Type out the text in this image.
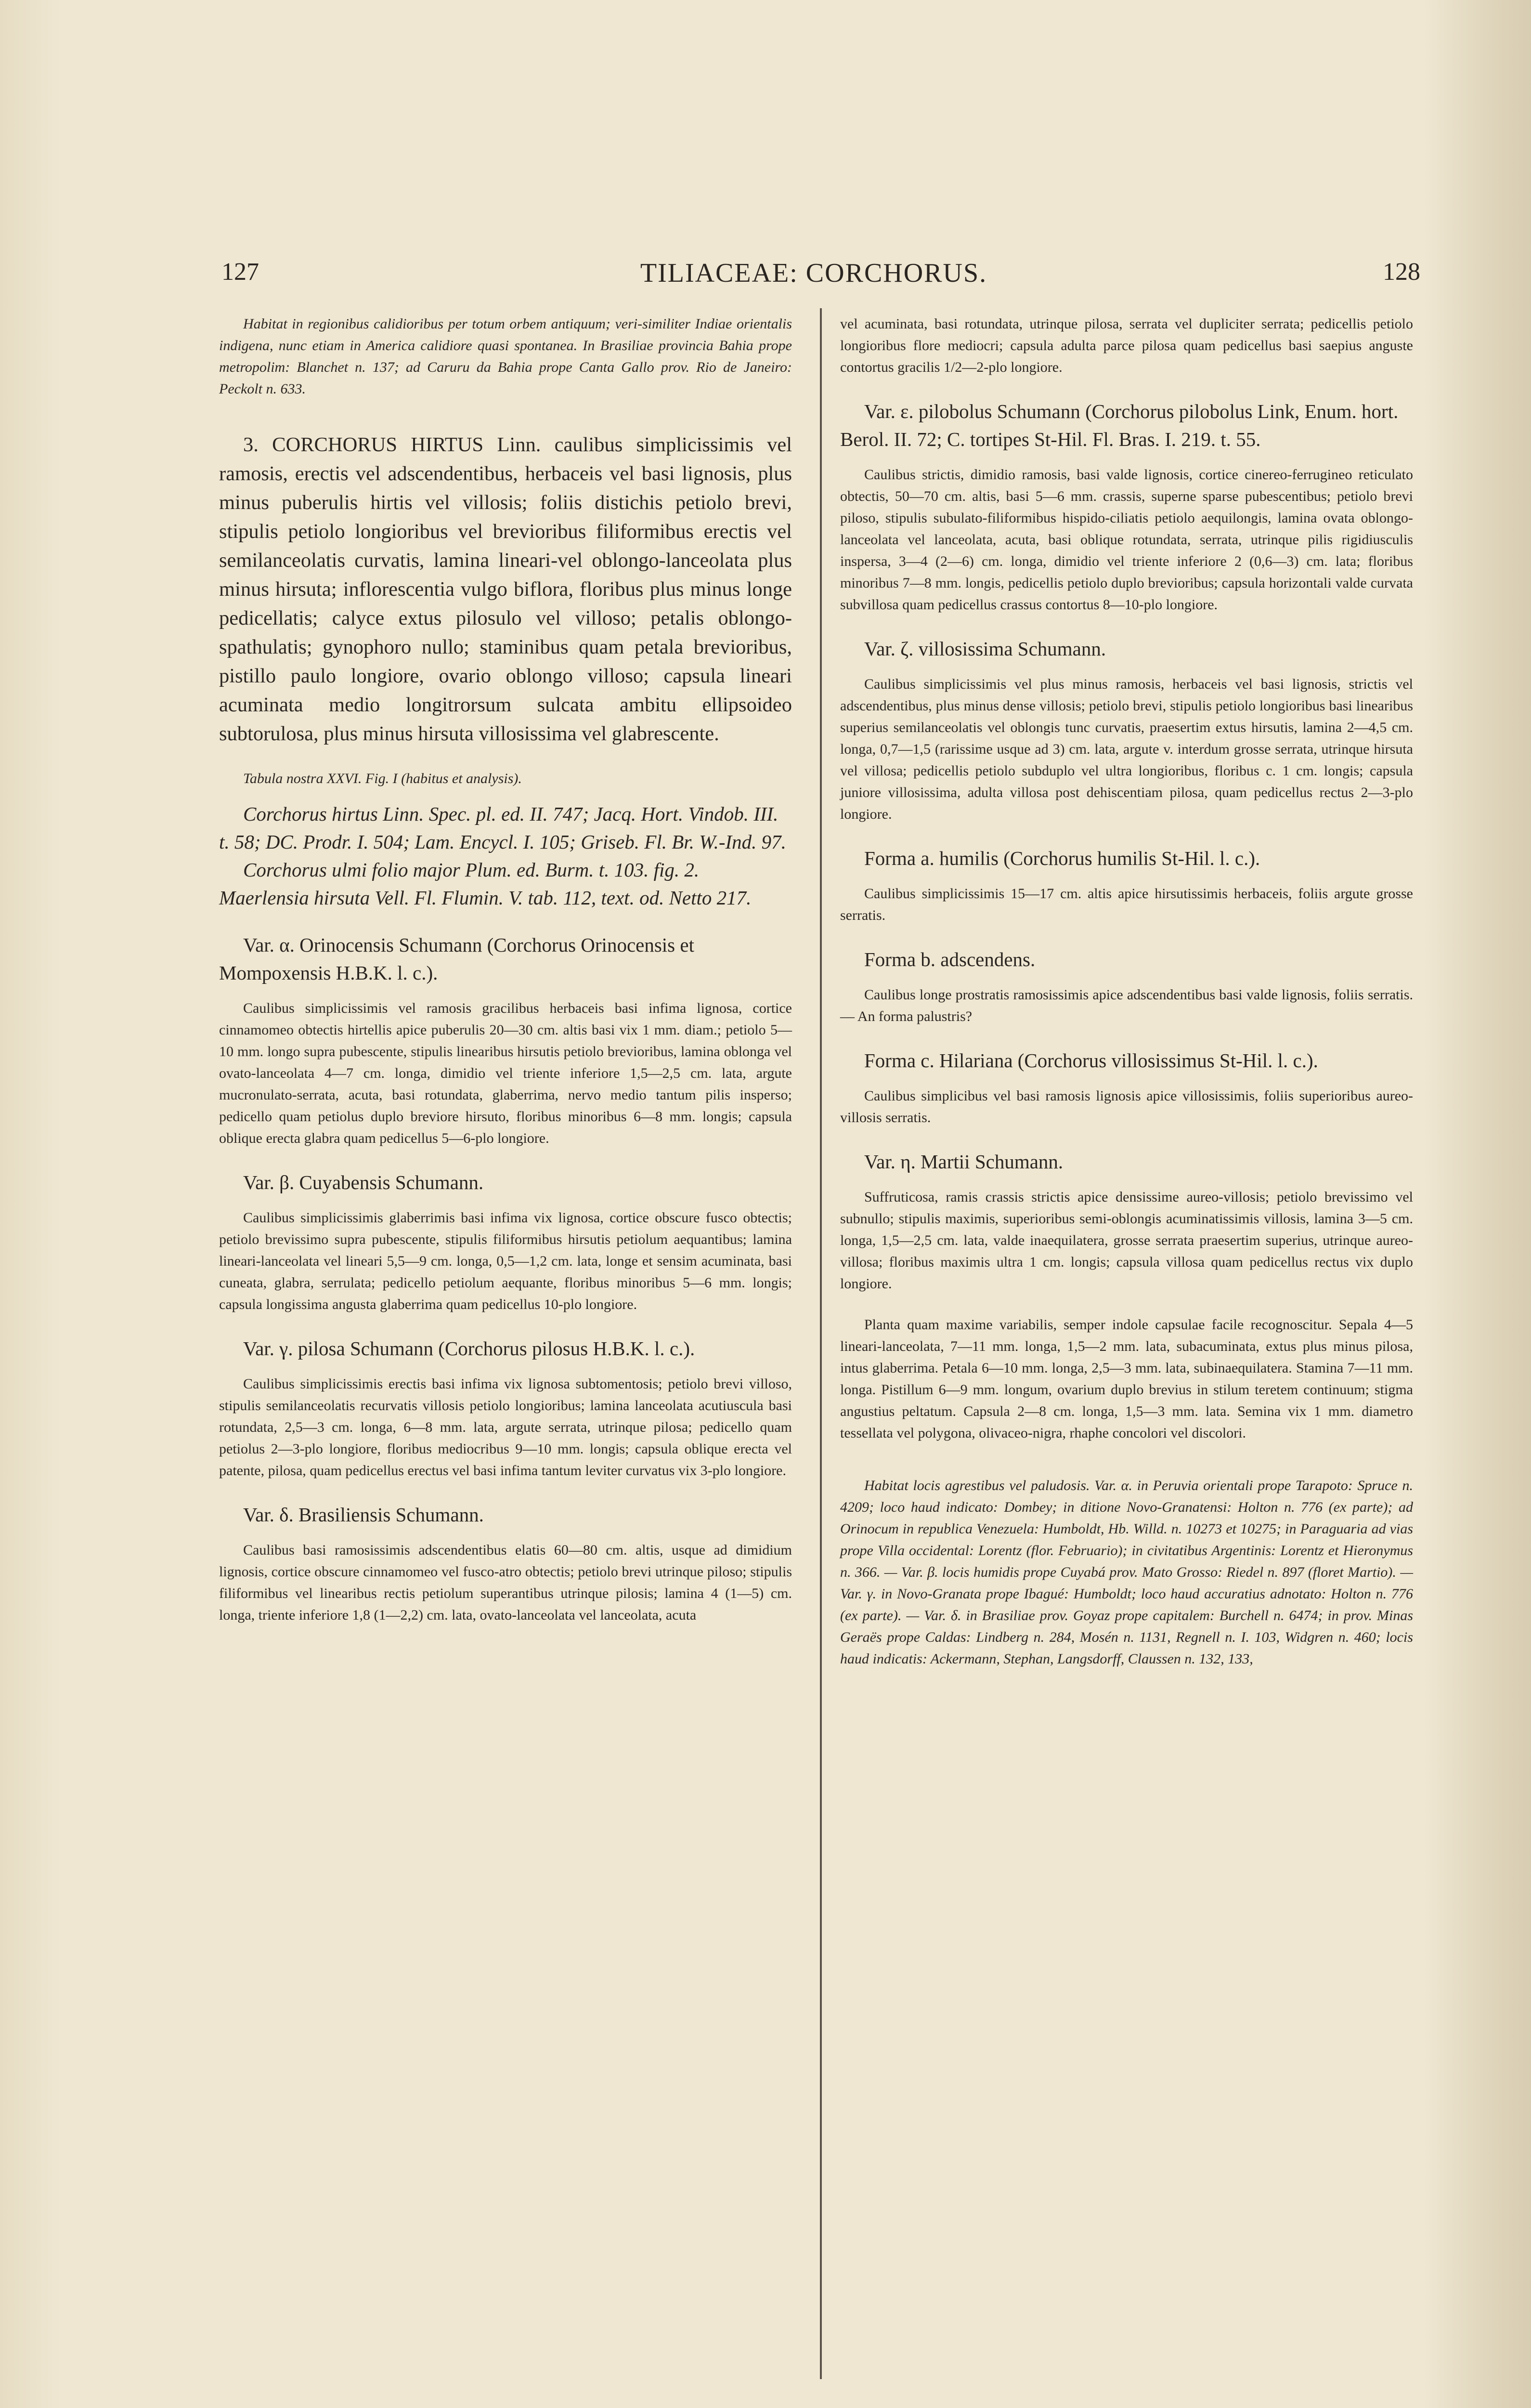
127	TILIACEAE: CORCHORUS.	128

Habitat in regionibus calidioribus per totum orbem antiquum; veri-similiter Indiae orientalis indigena, nunc etiam in America calidiore quasi spontanea. In Brasiliae provincia Bahia prope metropolim: Blanchet n. 137; ad Caruru da Bahia prope Canta Gallo prov. Rio de Janeiro: Peckolt n. 633.

3. CORCHORUS HIRTUS Linn. caulibus simplicissimis vel ramosis, erectis vel adscendentibus, herbaceis vel basi lignosis, plus minus puberulis hirtis vel villosis; foliis distichis petiolo brevi, stipulis petiolo longioribus vel brevioribus filiformibus erectis vel semilanceolatis curvatis, lamina lineari-vel oblongo-lanceolata plus minus hirsuta; inflorescentia vulgo biflora, floribus plus minus longe pedicellatis; calyce extus pilosulo vel villoso; petalis oblongo-spathulatis; gynophoro nullo; staminibus quam petala brevioribus, pistillo paulo longiore, ovario oblongo villoso; capsula lineari acuminata medio longitrorsum sulcata ambitu ellipsoideo subtorulosa, plus minus hirsuta villosissima vel glabrescente.

Tabula nostra XXVI. Fig. I (habitus et analysis).

Corchorus hirtus Linn. Spec. pl. ed. II. 747; Jacq. Hort. Vindob. III. t. 58; DC. Prodr. I. 504; Lam. Encycl. I. 105; Griseb. Fl. Br. W.-Ind. 97.

Corchorus ulmi folio major Plum. ed. Burm. t. 103. fig. 2. Maerlensia hirsuta Vell. Fl. Flumin. V. tab. 112, text. od. Netto 217.

Var. α. Orinocensis Schumann (Corchorus Orinocensis et Mompoxensis H.B.K. l. c.).

Caulibus simplicissimis vel ramosis gracilibus herbaceis basi infima lignosa, cortice cinnamomeo obtectis hirtellis apice puberulis 20—30 cm. altis basi vix 1 mm. diam.; petiolo 5—10 mm. longo supra pubescente, stipulis linearibus hirsutis petiolo brevioribus, lamina oblonga vel ovato-lanceolata 4—7 cm. longa, dimidio vel triente inferiore 1,5—2,5 cm. lata, argute mucronulato-serrata, acuta, basi rotundata, glaberrima, nervo medio tantum pilis insperso; pedicello quam petiolus duplo breviore hirsuto, floribus minoribus 6—8 mm. longis; capsula oblique erecta glabra quam pedicellus 5—6-plo longiore.

Var. β. Cuyabensis Schumann.

Caulibus simplicissimis glaberrimis basi infima vix lignosa, cortice obscure fusco obtectis; petiolo brevissimo supra pubescente, stipulis filiformibus hirsutis petiolum aequantibus; lamina lineari-lanceolata vel lineari 5,5—9 cm. longa, 0,5—1,2 cm. lata, longe et sensim acuminata, basi cuneata, glabra, serrulata; pedicello petiolum aequante, floribus minoribus 5—6 mm. longis; capsula longissima angusta glaberrima quam pedicellus 10-plo longiore.

Var. γ. pilosa Schumann (Corchorus pilosus H.B.K. l. c.).

Caulibus simplicissimis erectis basi infima vix lignosa subtomentosis; petiolo brevi villoso, stipulis semilanceolatis recurvatis villosis petiolo longioribus; lamina lanceolata acutiuscula basi rotundata, 2,5—3 cm. longa, 6—8 mm. lata, argute serrata, utrinque pilosa; pedicello quam petiolus 2—3-plo longiore, floribus mediocribus 9—10 mm. longis; capsula oblique erecta vel patente, pilosa, quam pedicellus erectus vel basi infima tantum leviter curvatus vix 3-plo longiore.

Var. δ. Brasiliensis Schumann.

Caulibus basi ramosissimis adscendentibus elatis 60—80 cm. altis, usque ad dimidium lignosis, cortice obscure cinnamomeo vel fusco-atro obtectis; petiolo brevi utrinque piloso; stipulis filiformibus vel linearibus rectis petiolum superantibus utrinque pilosis; lamina 4 (1—5) cm. longa, triente inferiore 1,8 (1—2,2) cm. lata, ovato-lanceolata vel lanceolata, acuta

vel acuminata, basi rotundata, utrinque pilosa, serrata vel dupliciter serrata; pedicellis petiolo longioribus flore mediocri; capsula adulta parce pilosa quam pedicellus basi saepius anguste contortus gracilis 1/2—2-plo longiore.

Var. ε. pilobolus Schumann (Corchorus pilobolus Link, Enum. hort. Berol. II. 72; C. tortipes St-Hil. Fl. Bras. I. 219. t. 55.

Caulibus strictis, dimidio ramosis, basi valde lignosis, cortice cinereo-ferrugineo reticulato obtectis, 50—70 cm. altis, basi 5—6 mm. crassis, superne sparse pubescentibus; petiolo brevi piloso, stipulis subulato-filiformibus hispido-ciliatis petiolo aequilongis, lamina ovata oblongo-lanceolata vel lanceolata, acuta, basi oblique rotundata, serrata, utrinque pilis rigidiusculis inspersa, 3—4 (2—6) cm. longa, dimidio vel triente inferiore 2 (0,6—3) cm. lata; floribus minoribus 7—8 mm. longis, pedicellis petiolo duplo brevioribus; capsula horizontali valde curvata subvillosa quam pedicellus crassus contortus 8—10-plo longiore.

Var. ζ. villosissima Schumann.

Caulibus simplicissimis vel plus minus ramosis, herbaceis vel basi lignosis, strictis vel adscendentibus, plus minus dense villosis; petiolo brevi, stipulis petiolo longioribus basi linearibus superius semilanceolatis vel oblongis tunc curvatis, praesertim extus hirsutis, lamina 2—4,5 cm. longa, 0,7—1,5 (rarissime usque ad 3) cm. lata, argute v. interdum grosse serrata, utrinque hirsuta vel villosa; pedicellis petiolo subduplo vel ultra longioribus, floribus c. 1 cm. longis; capsula juniore villosissima, adulta villosa post dehiscentiam pilosa, quam pedicellus rectus 2—3-plo longiore.

Forma a. humilis (Corchorus humilis St-Hil. l. c.).

Caulibus simplicissimis 15—17 cm. altis apice hirsutissimis herbaceis, foliis argute grosse serratis.

Forma b. adscendens.

Caulibus longe prostratis ramosissimis apice adscendentibus basi valde lignosis, foliis serratis. — An forma palustris?

Forma c. Hilariana (Corchorus villosissimus St-Hil. l. c.).

Caulibus simplicibus vel basi ramosis lignosis apice villosissimis, foliis superioribus aureo-villosis serratis.

Var. η. Martii Schumann.

Suffruticosa, ramis crassis strictis apice densissime aureo-villosis; petiolo brevissimo vel subnullo; stipulis maximis, superioribus semi-oblongis acuminatissimis villosis, lamina 3—5 cm. longa, 1,5—2,5 cm. lata, valde inaequilatera, grosse serrata praesertim superius, utrinque aureo-villosa; floribus maximis ultra 1 cm. longis; capsula villosa quam pedicellus rectus vix duplo longiore.

Planta quam maxime variabilis, semper indole capsulae facile recognoscitur. Sepala 4—5 lineari-lanceolata, 7—11 mm. longa, 1,5—2 mm. lata, subacuminata, extus plus minus pilosa, intus glaberrima. Petala 6—10 mm. longa, 2,5—3 mm. lata, subinaequilatera. Stamina 7—11 mm. longa. Pistillum 6—9 mm. longum, ovarium duplo brevius in stilum teretem continuum; stigma angustius peltatum. Capsula 2—8 cm. longa, 1,5—3 mm. lata. Semina vix 1 mm. diametro tessellata vel polygona, olivaceo-nigra, rhaphe concolori vel discolori.

Habitat locis agrestibus vel paludosis. Var. α. in Peruvia orientali prope Tarapoto: Spruce n. 4209; loco haud indicato: Dombey; in ditione Novo-Granatensi: Holton n. 776 (ex parte); ad Orinocum in republica Venezuela: Humboldt, Hb. Willd. n. 10273 et 10275; in Paraguaria ad vias prope Villa occidental: Lorentz (flor. Februario); in civitatibus Argentinis: Lorentz et Hieronymus n. 366. — Var. β. locis humidis prope Cuyabá prov. Mato Grosso: Riedel n. 897 (floret Martio). — Var. γ. in Novo-Granata prope Ibagué: Humboldt; loco haud accuratius adnotato: Holton n. 776 (ex parte). — Var. δ. in Brasiliae prov. Goyaz prope capitalem: Burchell n. 6474; in prov. Minas Geraës prope Caldas: Lindberg n. 284, Mosén n. 1131, Regnell n. I. 103, Widgren n. 460; locis haud indicatis: Ackermann, Stephan, Langsdorff, Claussen n. 132, 133,
